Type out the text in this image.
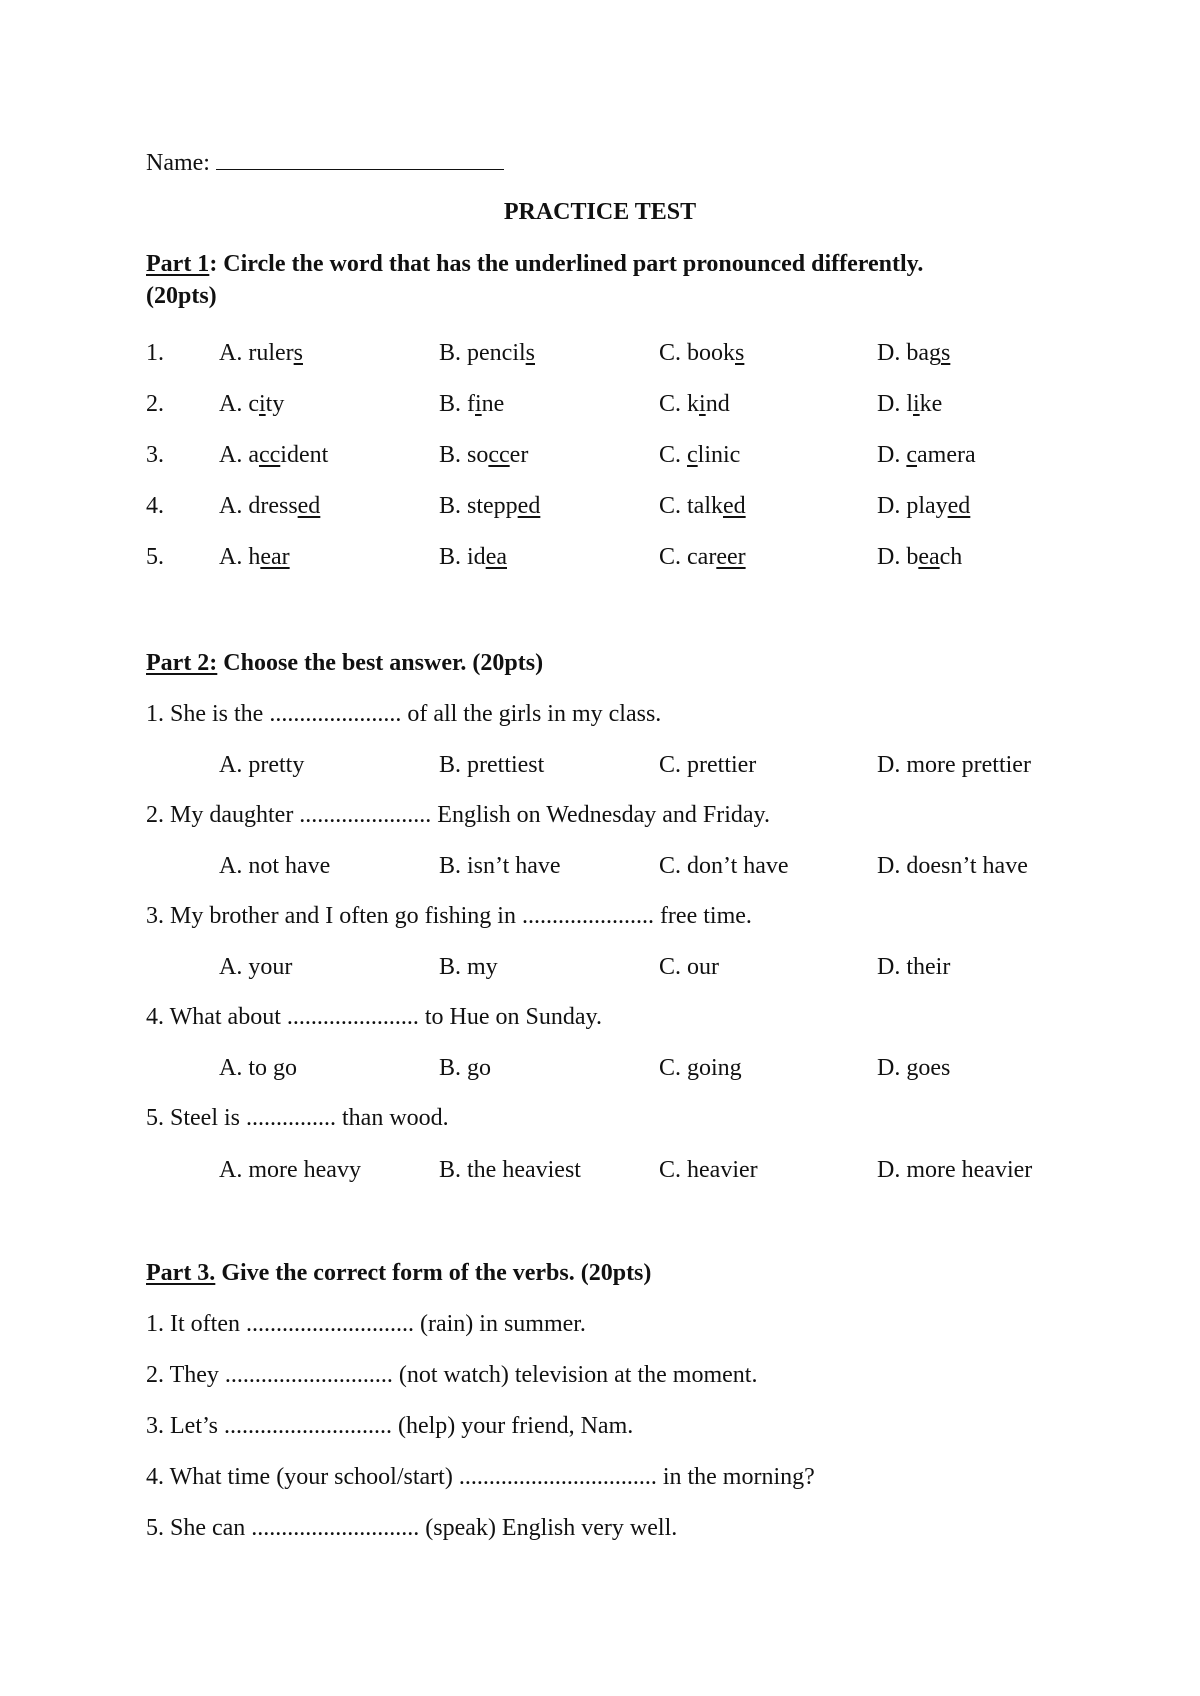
Name:
PRACTICE TEST
Part 1: Circle the word that has the underlined part pronounced differently.
(20pts)
1. A. rulers	B. pencils	C. books	D. bags
2. A. city	B. fine	C. kind	D. like
3. A. accident	B. soccer	C. clinic	D. camera
4. A. dressed	B. stepped	C. talked	D. played
5. A. hear	B. idea	C. career	D. beach
Part 2: Choose the best answer. (20pts)
1. She is the ...................... of all the girls in my class.
A. pretty	B. prettiest	C. prettier	D. more prettier
2. My daughter ...................... English on Wednesday and Friday.
A. not have	B. isn’t have	C. don’t have	D. doesn’t have
3. My brother and I often go fishing in ...................... free time.
A. your	B. my	C. our	D. their
4. What about ...................... to Hue on Sunday.
A. to go	B. go	C. going	D. goes
5. Steel is ............... than wood.
A. more heavy	B. the heaviest	C. heavier	D. more heavier
Part 3. Give the correct form of the verbs. (20pts)
1. It often ............................ (rain) in summer.
2. They ............................ (not watch) television at the moment.
3. Let’s ............................ (help) your friend, Nam.
4. What time (your school/start) ................................. in the morning?
5. She can ............................ (speak) English very well.
